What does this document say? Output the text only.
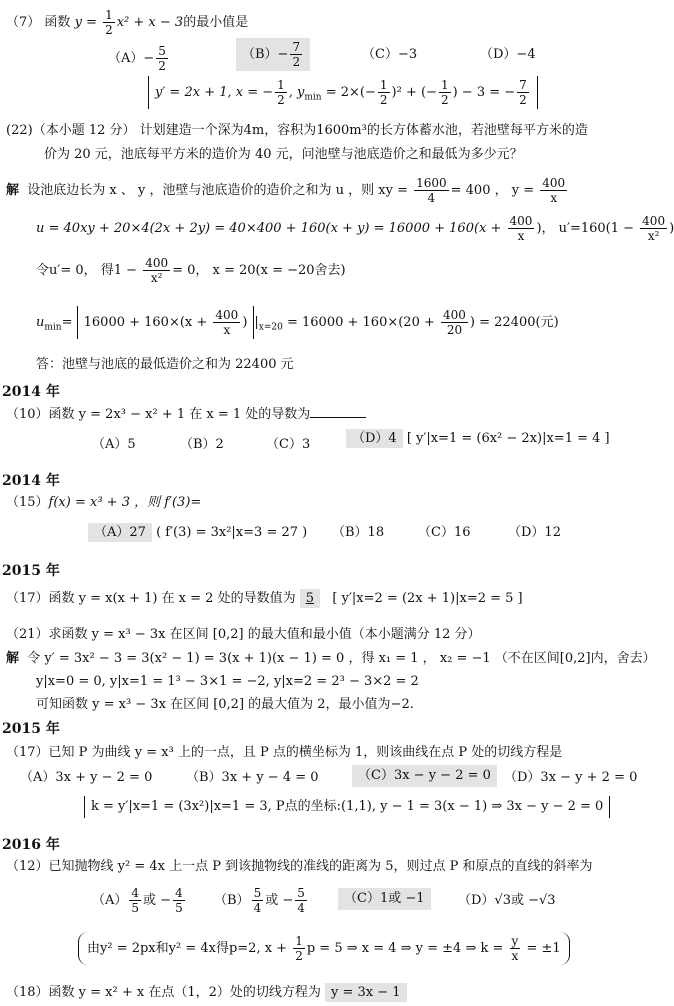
（7） 函数 $y = \frac{1}{2} x^2 + x - 3$的最小值是
$(A)- \frac{5}{2}$	$(B)- \frac{7}{2}$	（C）−3	（D）−4
y′ = 2x + 1, x = − $\frac{1}{2}$ , $y_{min} = 2\times(- \frac{1}{2} )^2$ + (− $\frac{1}{2}$ ) − 3 = − $\frac{7}{2}$
(22)（本小题 12 分） 计划建造一个深为4m，容积为1600m³的长方体蓄水池，若池壁每平方米的造
价为 20 元，池底每平方米的造价为 40 元，问池壁与池底造价之和最低为多少元？
解 设池底边长为 x 、 y ，池壁与池底造价的造价之和为 u ，则 xy = $\frac{1600}{4} = 400$ ， $y = \frac{400}{x}$
$u = 40xy + 20\times 4(2x + 2y) = 40\times 400 + 160(x + y) = 16000 + 160(x + \frac{400}{x}$ )， $u'=160(1 - \frac{400}{\text{x²}}$ )
令u′= 0， 得$1 - \frac{400}{\text{x²}} = 0$， x = 20(x = −20舍去)
$u_{min}= 16000 + 160\times(x + \frac{400}{x}$ ) $|_{x=20} = 16000 + 160\times(20 + \frac{400}{20}$ ) = 22400(元)
答：池壁与池底的最低造价之和为 22400 元
2014 年
（10）函数 y = 2x³ − x² + 1 在 x = 1 处的导数为
（A）5	（B）2	（C）3	（D）4 [ y′|x=1 = (6x² − 2x)|x=1 = 4 ]
2014 年
（15）f(x) = x³ + 3 ，则 f′(3)=
（A）27 ( f′(3) = 3x²|x=3 = 27 ) （B）18	（C）16	（D）12
2015 年
（17）函数 y = x(x + 1) 在 x = 2 处的导数值为 5 [ y′|x=2 = (2x + 1)|x=2 = 5 ]
（21）求函数 y = x³ − 3x 在区间 [0,2] 的最大值和最小值（本小题满分 12 分）
解 令 y′ = 3x² − 3 = 3(x² − 1) = 3(x + 1)(x − 1) = 0 ，得 x₁ = 1 ， x₂ = −1 （不在区间[0,2]内，舍去）
y|x=0 = 0, y|x=1 = 1³ − 3×1 = −2, y|x=2 = 2³ − 3×2 = 2
可知函数 y = x³ − 3x 在区间 [0,2] 的最大值为 2，最小值为−2.
2015 年
（17）已知 P 为曲线 y = x³ 上的一点，且 P 点的横坐标为 1，则该曲线在点 P 处的切线方程是
（A）3x + y − 2 = 0	（B）3x + y − 4 = 0	（C）3x − y − 2 = 0	（D）3x − y + 2 = 0
k = y′|x=1 = (3x²)|x=1 = 3, P点的坐标:(1,1), y − 1 = 3(x − 1) ⇒ 3x − y − 2 = 0
2016 年
（12）已知抛物线 y² = 4x 上一点 P 到该抛物线的准线的距离为 5，则过点 P 和原点的直线的斜率为
$(A) \frac{4}{5}$ 或 − $\frac{4}{5} (B) \frac{5}{4}$ 或 − $\frac{5}{4}$	（C）1或 −1	（D）√3或 −√3
由y² = 2px和y² = 4x得p=2, $x + \frac{1}{2}$ p = 5 ⇒ x = 4 ⇒ y = ±4 ⇒ $k = \frac{y}{x} = \pm 1$
（18）函数 y = x² + x 在点（1，2）处的切线方程为 y = 3x − 1
